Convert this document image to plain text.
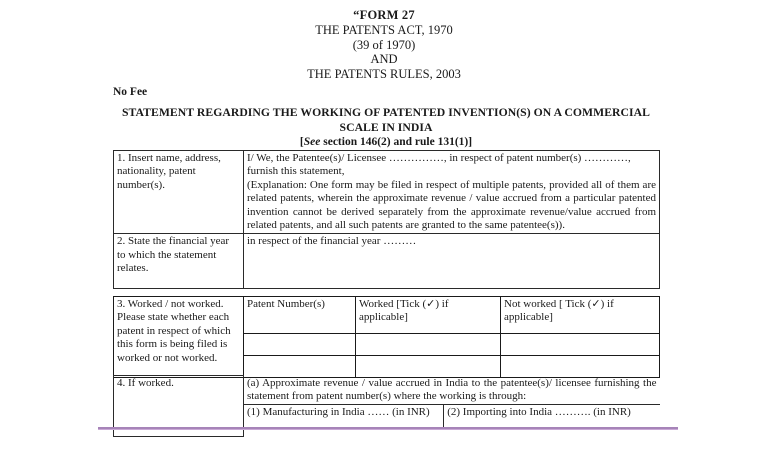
“FORM 27
THE PATENTS ACT, 1970
(39 of 1970)
AND
THE PATENTS RULES, 2003
No Fee
STATEMENT REGARDING THE WORKING OF PATENTED INVENTION(S) ON A COMMERCIAL SCALE IN INDIA
[See section 146(2) and rule 131(1)]
1. Insert name, address, nationality, patent number(s).	I/ We, the Patentee(s)/ Licensee ……………, in respect of patent number(s) …………,
furnish this statement,
(Explanation: One form may be filed in respect of multiple patents, provided all of them are related patents, wherein the approximate revenue / value accrued from a particular patented invention cannot be derived separately from the approximate revenue/value accrued from related patents, and all such patents are granted to the same patentee(s)).

2. State the financial year to which the statement relates.	in respect of the financial year ………
3. Worked / not worked. Please state whether each patent in respect of which this form is being filed is worked or not worked.	Patent Number(s)	Worked [Tick (✓) if applicable]	Not worked [ Tick (✓) if applicable]

4. If worked.	(a) Approximate revenue / value accrued in India to the patentee(s)/ licensee furnishing the statement from patent number(s) where the working is through:
(1) Manufacturing in India …… (in INR)	(2) Importing into India ………. (in INR)
